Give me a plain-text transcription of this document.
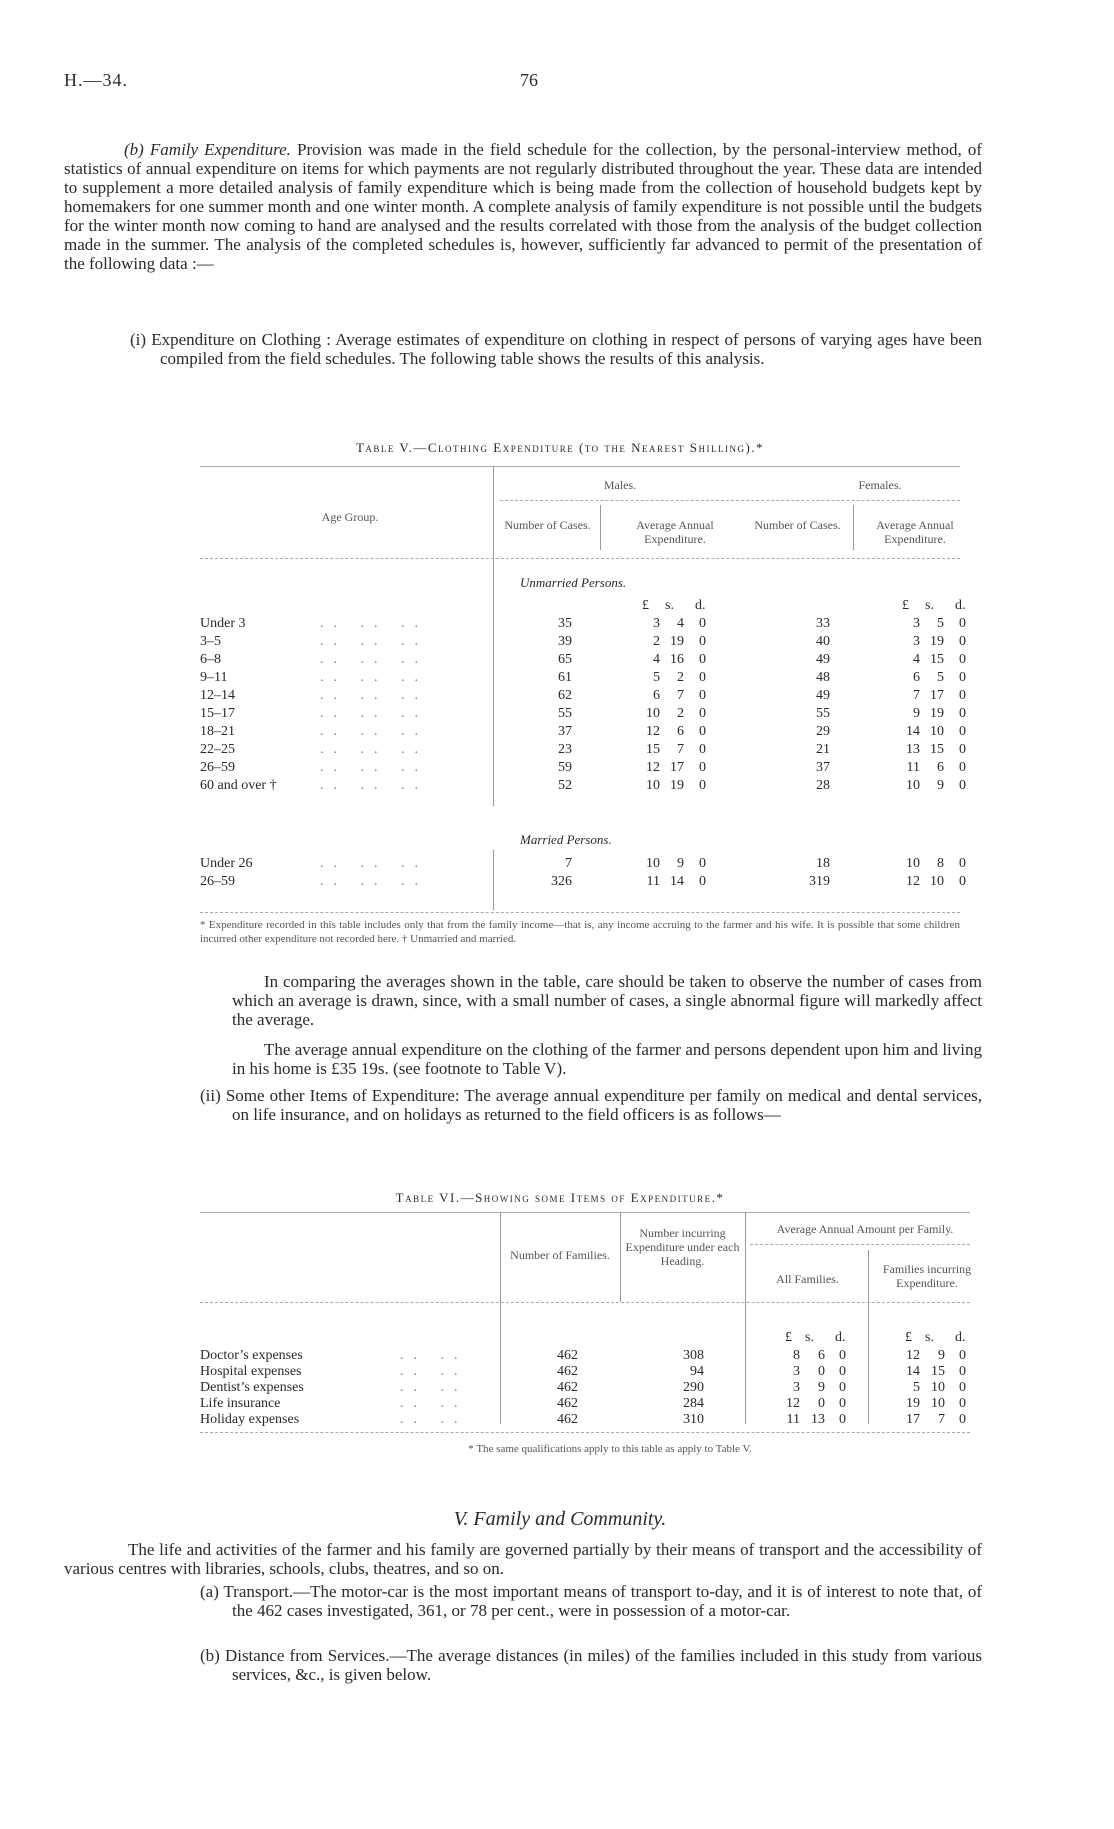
H.—34.	76
(b) Family Expenditure. Provision was made in the field schedule for the collection, by the personal-interview method, of statistics of annual expenditure on items for which payments are not regularly distributed throughout the year. These data are intended to supplement a more detailed analysis of family expenditure which is being made from the collection of household budgets kept by homemakers for one summer month and one winter month. A complete analysis of family expenditure is not possible until the budgets for the winter month now coming to hand are analysed and the results correlated with those from the analysis of the budget collection made in the summer. The analysis of the completed schedules is, however, sufficiently far advanced to permit of the presentation of the following data :—
(i) Expenditure on Clothing : Average estimates of expenditure on clothing in respect of persons of varying ages have been compiled from the field schedules. The following table shows the results of this analysis.
Table V.—Clothing Expenditure (to the Nearest Shilling).*
Age Group.
Males.	Females.
Number of Cases.	Average Annual Expenditure.
Number of Cases.	Average Annual Expenditure.
Unmarried Persons.
£ s. d.	£ s. d.
Under 3	.. .. ..	35	3 4 0	33	3 5 0
3–5	.. .. ..	39	2 19 0	40	3 19 0
6–8	.. .. ..	65	4 16 0	49	4 15 0
9–11	.. .. ..	61	5 2 0	48	6 5 0
12–14	.. .. ..	62	6 7 0	49	7 17 0
15–17	.. .. ..	55	10 2 0	55	9 19 0
18–21	.. .. ..	37	12 6 0	29	14 10 0
22–25	.. .. ..	23	15 7 0	21	13 15 0
26–59	.. .. ..	59	12 17 0	37	11 6 0
60 and over †	.. .. ..	52	10 19 0	28	10 9 0
Married Persons.
Under 26	.. .. ..	7	10 9 0	18	10 8 0
26–59	.. .. ..	326	11 14 0	319	12 10 0
* Expenditure recorded in this table includes only that from the family income—that is, any income accruing to the farmer and his wife. It is possible that some children incurred other expenditure not recorded here. † Unmarried and married.
In comparing the averages shown in the table, care should be taken to observe the number of cases from which an average is drawn, since, with a small number of cases, a single abnormal figure will markedly affect the average.
The average annual expenditure on the clothing of the farmer and persons dependent upon him and living in his home is £35 19s. (see footnote to Table V).
(ii) Some other Items of Expenditure: The average annual expenditure per family on medical and dental services, on life insurance, and on holidays as returned to the field officers is as follows—
Table VI.—Showing some Items of Expenditure.*
Number of Families.
Number incurring Expenditure under each Heading.
Average Annual Amount per Family.
All Families.
Families incurring Expenditure.
£ s. d.	£ s. d.
Doctor’s expenses	.. ..	462	308	8 6 0	12 9 0
Hospital expenses	.. ..	462	94	3 0 0	14 15 0
Dentist’s expenses	.. ..	462	290	3 9 0	5 10 0
Life insurance	.. ..	462	284	12 0 0	19 10 0
Holiday expenses	.. ..	462	310	11 13 0	17 7 0
* The same qualifications apply to this table as apply to Table V.
V. Family and Community.
The life and activities of the farmer and his family are governed partially by their means of transport and the accessibility of various centres with libraries, schools, clubs, theatres, and so on.
(a) Transport.—The motor-car is the most important means of transport to-day, and it is of interest to note that, of the 462 cases investigated, 361, or 78 per cent., were in possession of a motor-car.
(b) Distance from Services.—The average distances (in miles) of the families included in this study from various services, &c., is given below.
